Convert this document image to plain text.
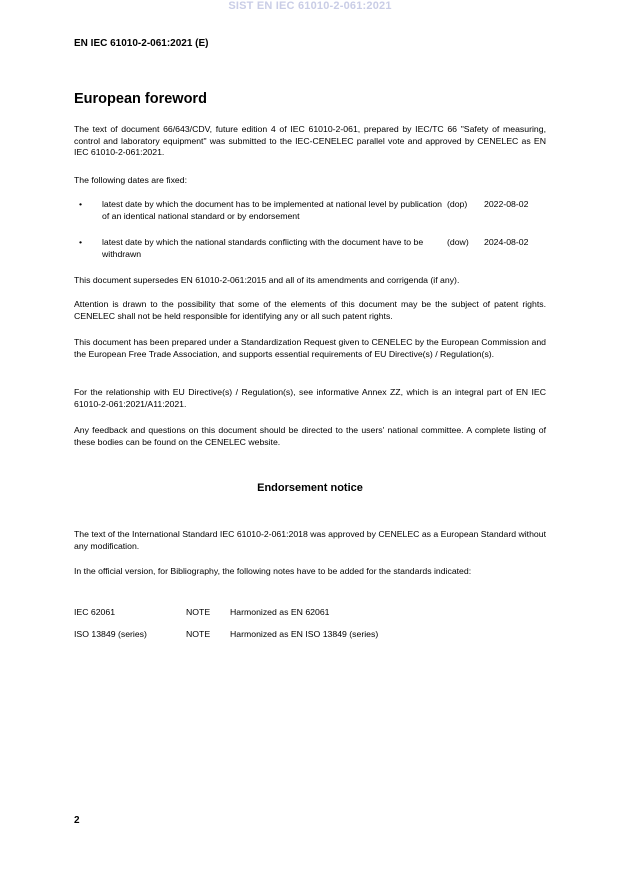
SIST EN IEC 61010-2-061:2021
EN IEC 61010-2-061:2021 (E)
European foreword

The text of document 66/643/CDV, future edition 4 of IEC 61010-2-061, prepared by IEC/TC 66 "Safety of measuring, control and laboratory equipment" was submitted to the IEC-CENELEC parallel vote and approved by CENELEC as EN IEC 61010-2-061:2021.

The following dates are fixed:

• latest date by which the document has to be implemented at national level by publication of an identical national standard or by endorsement
(dop) 2022-08-02
• latest date by which the national standards conflicting with the document have to be withdrawn
(dow) 2024-08-02

This document supersedes EN 61010-2-061:2015 and all of its amendments and corrigenda (if any).

Attention is drawn to the possibility that some of the elements of this document may be the subject of patent rights. CENELEC shall not be held responsible for identifying any or all such patent rights.

This document has been prepared under a Standardization Request given to CENELEC by the European Commission and the European Free Trade Association, and supports essential requirements of EU Directive(s) / Regulation(s).

For the relationship with EU Directive(s) / Regulation(s), see informative Annex ZZ, which is an integral part of EN IEC 61010-2-061:2021/A11:2021.

Any feedback and questions on this document should be directed to the users' national committee. A complete listing of these bodies can be found on the CENELEC website.

Endorsement notice

The text of the International Standard IEC 61010-2-061:2018 was approved by CENELEC as a European Standard without any modification.

In the official version, for Bibliography, the following notes have to be added for the standards indicated:

IEC 62061	NOTE Harmonized as EN 62061
ISO 13849 (series)	NOTE Harmonized as EN ISO 13849 (series)
2
